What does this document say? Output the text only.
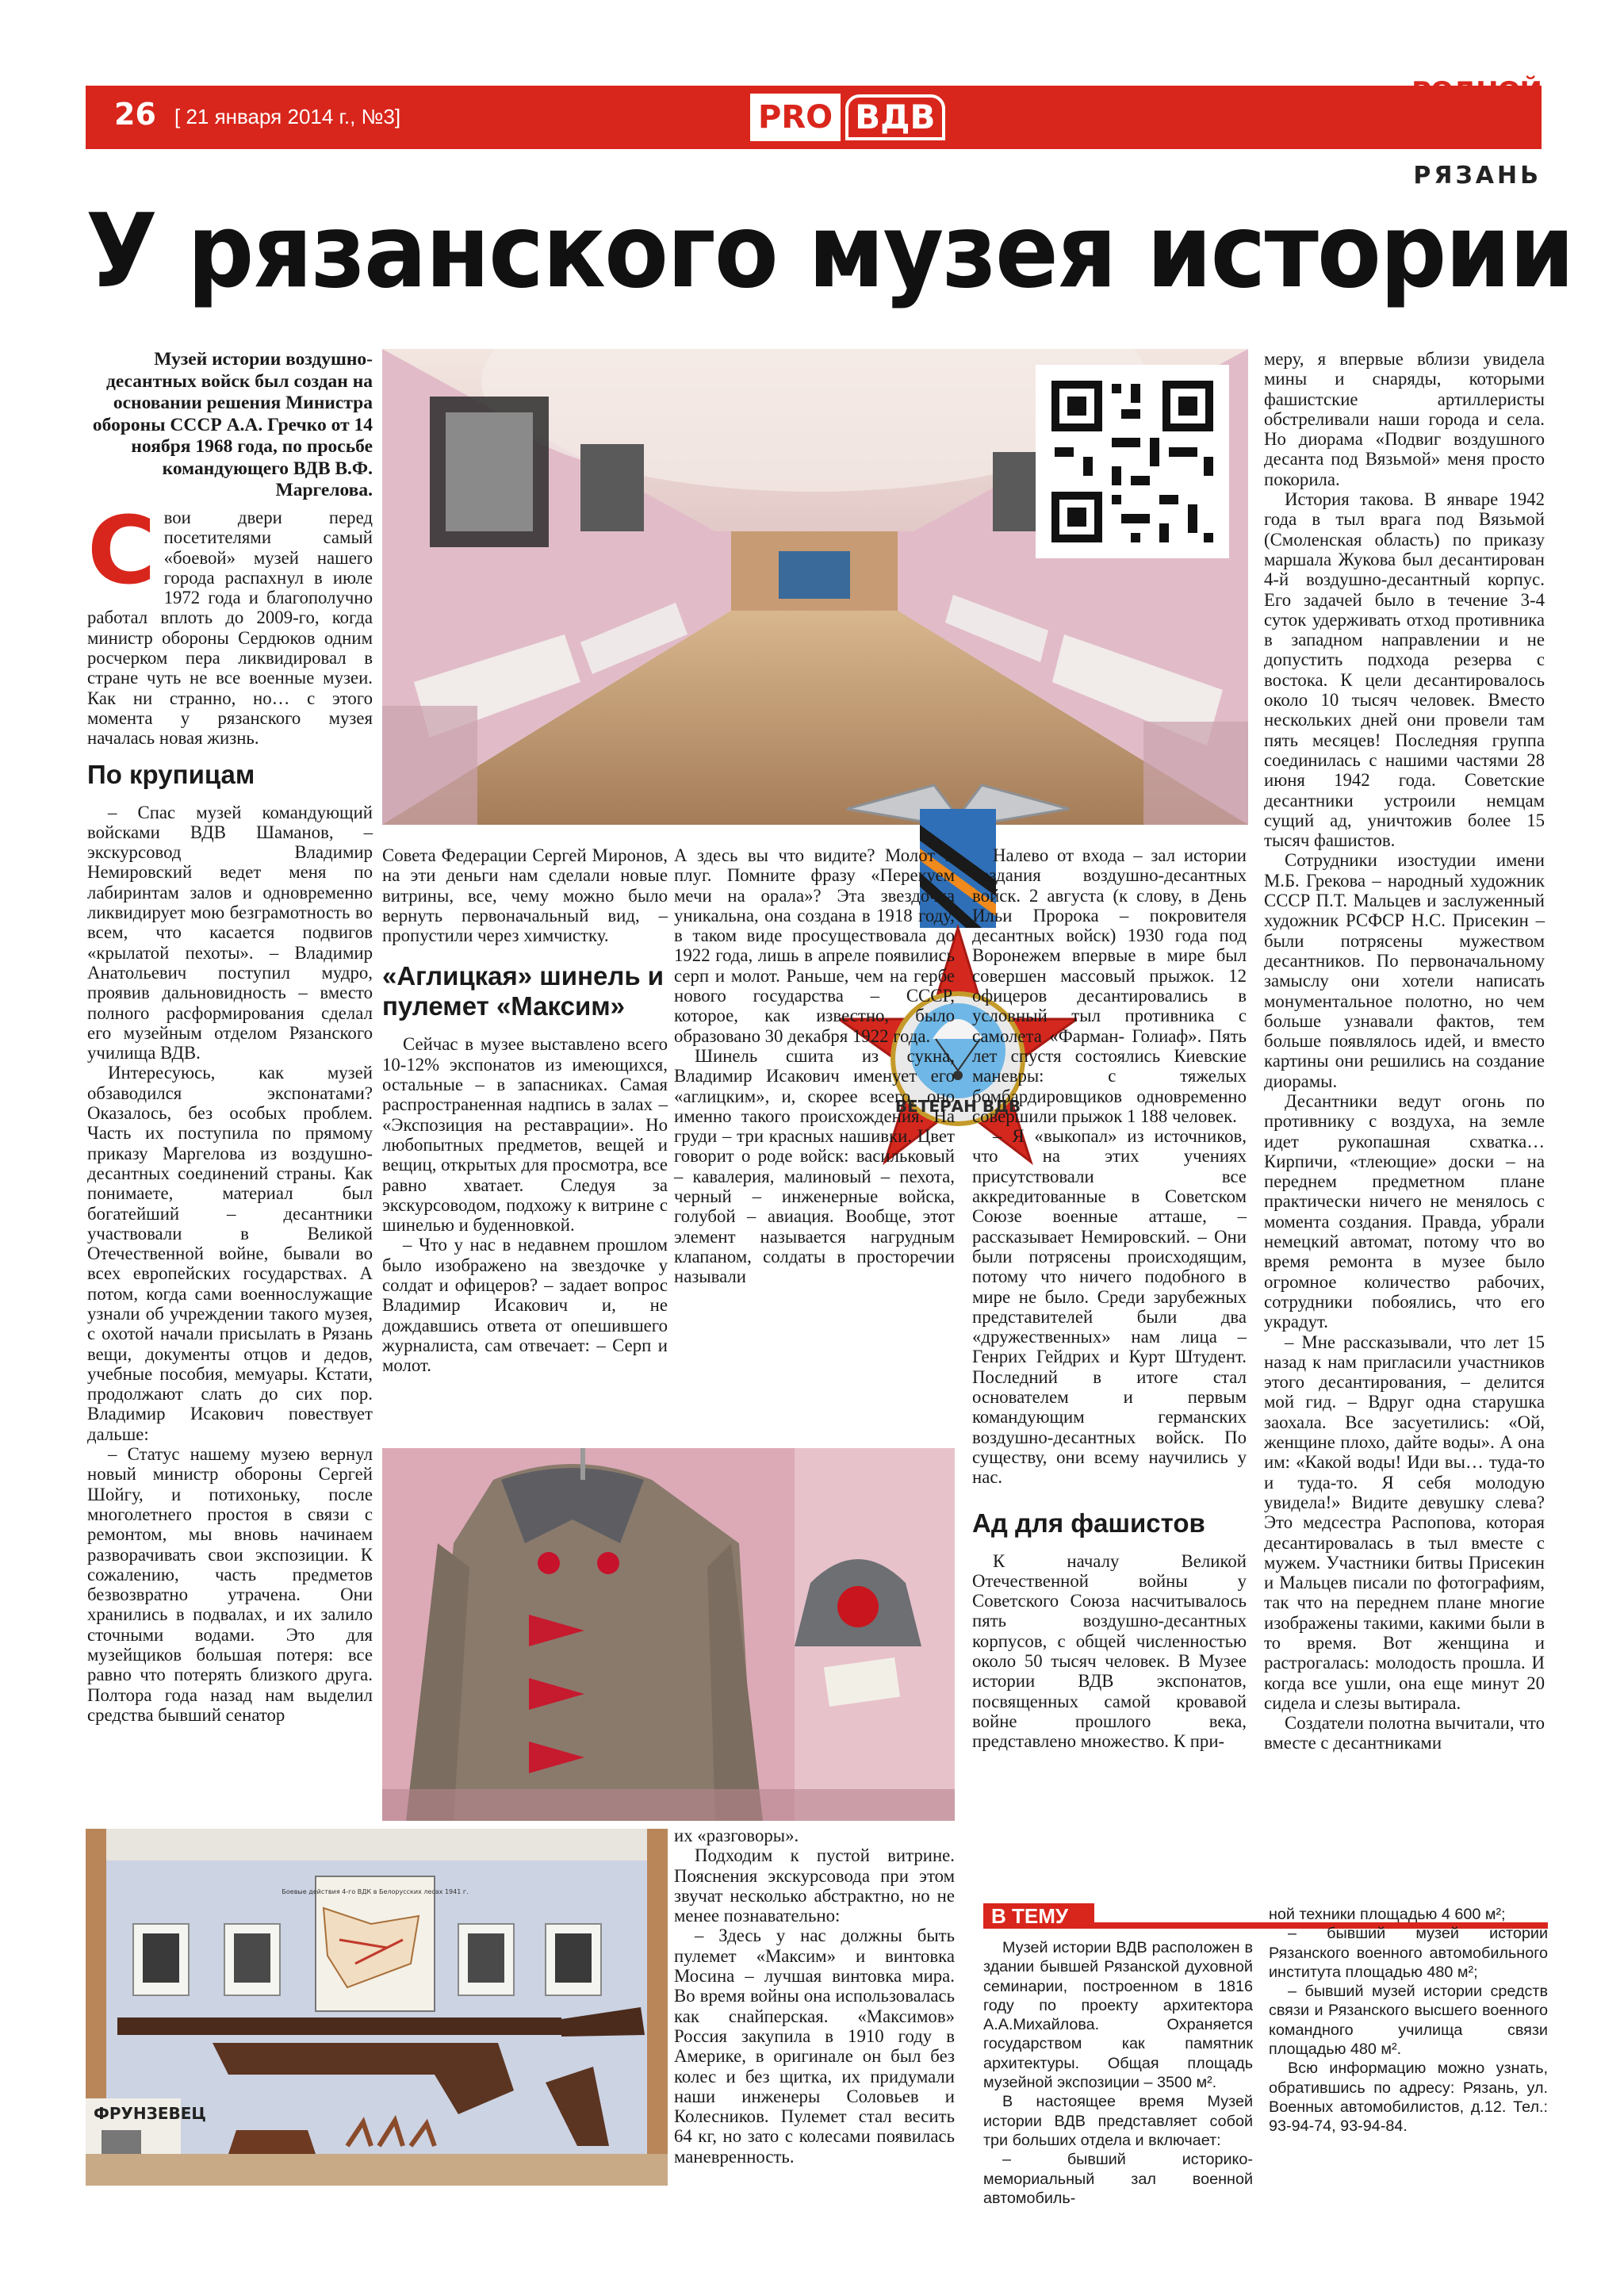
26 [ 21 января 2014 г., №3]	PRO ВДВ
РОДНОЙ
ГОРОД
РЯЗАНЬ
У рязанского музея истории
Музей истории воздушно-десантных войск был создан на основании решения Министра обороны СССР А.А. Гречко от 14 ноября 1968 года, по просьбе командующего ВДВ В.Ф. Маргелова.

Свои двери перед посетителями самый «боевой» музей нашего города распахнул в июле 1972 года и благополучно работал вплоть до 2009-го, когда министр обороны Сердюков одним росчерком пера ликвидировал в стране чуть не все военные музеи. Как ни странно, но… с этого момента у рязанского музея началась новая жизнь.

По крупицам

– Спас музей командующий войсками ВДВ Шаманов, – экскурсовод Владимир Немировский ведет меня по лабиринтам залов и одновременно ликвидирует мою безграмотность во всем, что касается подвигов «крылатой пехоты». – Владимир Анатольевич поступил мудро, проявив дальновидность – вместо полного расформирования сделал его музейным отделом Рязанского училища ВДВ.

Интересуюсь, как музей обзаводился экспонатами? Оказалось, без особых проблем. Часть их поступила по прямому приказу Маргелова из воздушно-десантных соединений страны. Как понимаете, материал был богатейший – десантники участвовали в Великой Отечественной войне, бывали во всех европейских государствах. А потом, когда сами военнослужащие узнали об учреждении такого музея, с охотой начали присылать в Рязань вещи, документы отцов и дедов, учебные пособия, мемуары. Кстати, продолжают слать до сих пор. Владимир Исакович повествует дальше:

– Статус нашему музею вернул новый министр обороны Сергей Шойгу, и потихоньку, после многолетнего простоя в связи с ремонтом, мы вновь начинаем разворачивать свои экспозиции. К сожалению, часть предметов безвозвратно утрачена. Они хранились в подвалах, и их залило сточными водами. Это для музейщиков большая потеря: все равно что потерять близкого друга. Полтора года назад нам выделил средства бывший сенатор

ВЕТЕРАН ВДВ

Совета Федерации Сергей Миронов, на эти деньги нам сделали новые витрины, все, чему можно было вернуть первоначальный вид, – пропустили через химчистку.

«Аглицкая» шинель и пулемет «Максим»

Сейчас в музее выставлено всего 10-12% экспонатов из имеющихся, остальные – в запасниках. Самая распространенная надпись в залах – «Экспозиция на реставрации». Но любопытных предметов, вещей и вещиц, открытых для просмотра, все равно хватает. Следуя за экскурсоводом, подхожу к витрине с шинелью и буденновкой.

– Что у нас в недавнем прошлом было изображено на звездочке у солдат и офицеров? – задает вопрос Владимир Исакович и, не дождавшись ответа от опешившего журналиста, сам отвечает: – Серп и молот.

А здесь вы что видите? Молот и плуг. Помните фразу «Перекуем мечи на орала»? Эта звездочка уникальна, она создана в 1918 году, в таком виде просуществовала до 1922 года, лишь в апреле появились серп и молот. Раньше, чем на гербе нового государства – СССР, которое, как известно, было образовано 30 декабря 1922 года.

Шинель сшита из сукна, Владимир Исакович именует его «аглицким», и, скорее всего, оно именно такого происхождения. На груди – три красных нашивки. Цвет говорит о роде войск: васильковый – кавалерия, малиновый – пехота, черный – инженерные войска, голубой – авиация. Вообще, этот элемент называется нагрудным клапаном, солдаты в просторечии называли

их «разговоры».

Подходим к пустой витрине. Пояснения экскурсовода при этом звучат несколько абстрактно, но не менее познавательно:

– Здесь у нас должны быть пулемет «Максим» и винтовка Мосина – лучшая винтовка мира. Во время войны она использовалась как снайперская. «Максимов» Россия закупила в 1910 году в Америке, в оригинале он был без колес и без щитка, их придумали наши инженеры Соловьев и Колесников. Пулемет стал весить 64 кг, но зато с колесами появилась маневренность.

Боевые действия 4-го ВДК в Белорусских лесах 1941 г.
ФРУНЗЕВЕЦ

Налево от входа – зал истории создания воздушно-десантных войск. 2 августа (к слову, в День Ильи Пророка – покровителя десантных войск) 1930 года под Воронежем впервые в мире был совершен массовый прыжок. 12 офицеров десантировались в условный тыл противника с самолета «Фарман- Голиаф». Пять лет спустя состоялись Киевские маневры: с тяжелых бомбардировщиков одновременно совершили прыжок 1 188 человек.

– Я «выкопал» из источников, что на этих учениях присутствовали все аккредитованные в Советском Союзе военные атташе, – рассказывает Немировский. – Они были потрясены происходящим, потому что ничего подобного в мире не было. Среди зарубежных представителей были два «дружественных» нам лица – Генрих Гейдрих и Курт Штудент. Последний в итоге стал основателем и первым командующим германских воздушно-десантных войск. По существу, они всему научились у нас.

Ад для фашистов

К началу Великой Отечественной войны у Советского Союза насчитывалось пять воздушно-десантных корпусов, с общей численностью около 50 тысяч человек. В Музее истории ВДВ экспонатов, посвященных самой кровавой войне прошлого века, представлено множество. К при-

меру, я впервые вблизи увидела мины и снаряды, которыми фашистские артиллеристы обстреливали наши города и села. Но диорама «Подвиг воздушного десанта под Вязьмой» меня просто покорила.

История такова. В январе 1942 года в тыл врага под Вязьмой (Смоленская область) по приказу маршала Жукова был десантирован 4-й воздушно-десантный корпус. Его задачей было в течение 3-4 суток удерживать отход противника в западном направлении и не допустить подхода резерва с востока. К цели десантировалось около 10 тысяч человек. Вместо нескольких дней они провели там пять месяцев! Последняя группа соединилась с нашими частями 28 июня 1942 года. Советские десантники устроили немцам сущий ад, уничтожив более 15 тысяч фашистов.

Сотрудники изостудии имени М.Б. Грекова – народный художник СССР П.Т. Мальцев и заслуженный художник РСФСР Н.С. Присекин – были потрясены мужеством десантников. По первоначальному замыслу они хотели написать монументальное полотно, но чем больше узнавали фактов, тем больше появлялось идей, и вместо картины они решились на создание диорамы.

Десантники ведут огонь по противнику с воздуха, на земле идет рукопашная схватка… Кирпичи, «тлеющие» доски – на переднем предметном плане практически ничего не менялось с момента создания. Правда, убрали немецкий автомат, потому что во время ремонта в музее было огромное количество рабочих, сотрудники побоялись, что его украдут.

– Мне рассказывали, что лет 15 назад к нам пригласили участников этого десантирования, – делится мой гид. – Вдруг одна старушка заохала. Все засуетились: «Ой, женщине плохо, дайте воды». А она им: «Какой воды! Иди вы… туда-то и туда-то. Я себя молодую увидела!» Видите девушку слева? Это медсестра Распопова, которая десантировалась в тыл вместе с мужем. Участники битвы Присекин и Мальцев писали по фотографиям, так что на переднем плане многие изображены такими, какими были в то время. Вот женщина и растрогалась: молодость прошла. И когда все ушли, она еще минут 20 сидела и слезы вытирала.

Создатели полотна вычитали, что вместе с десантниками

В ТЕМУ

Музей истории ВДВ расположен в здании бывшей Рязанской духовной семинарии, построенном в 1816 году по проекту архитектора А.А.Михайлова. Охраняется государством как памятник архитектуры. Общая площадь музейной экспозиции – 3500 м².

В настоящее время Музей истории ВДВ представляет собой три больших отдела и включает:

– бывший историко-мемориальный зал военной автомобиль-

ной техники площадью 4 600 м²;

– бывший музей истории Рязанского военного автомобильного института площадью 480 м²;

– бывший музей истории средств связи и Рязанского высшего военного командного училища связи площадью 480 м².

Всю информацию можно узнать, обратившись по адресу: Рязань, ул. Военных автомобилистов, д.12. Тел.: 93-94-74, 93-94-84.
